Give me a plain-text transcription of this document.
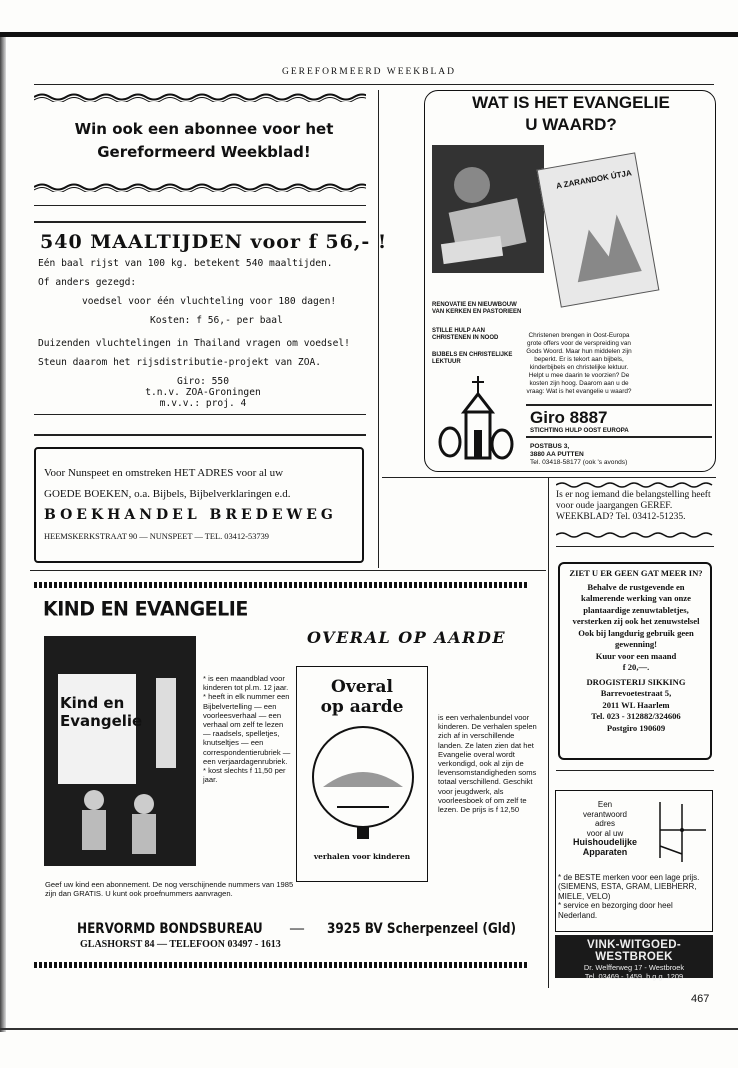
GEREFORMEERD WEEKBLAD
Win ook een abonnee voor het
Gereformeerd Weekblad!
540 MAALTIJDEN voor f 56,- !
Eén baal rijst van 100 kg. betekent 540 maaltijden.
Of anders gezegd:
voedsel voor één vluchteling voor 180 dagen!
Kosten: f 56,- per baal
Duizenden vluchtelingen in Thailand vragen om voedsel!
Steun daarom het rijsdistributie-projekt van ZOA.
Giro: 550
t.n.v. ZOA-Groningen
m.v.v.: proj. 4
Voor Nunspeet en omstreken HET ADRES voor al uw
GOEDE BOEKEN, o.a. Bijbels, Bijbelverklaringen e.d.
BOEKHANDEL BREDEWEG
HEEMSKERKSTRAAT 90 — NUNSPEET — TEL. 03412-53739
WAT IS HET EVANGELIE
U WAARD?
A ZARANDOK ÚTJA
RENOVATIE EN NIEUWBOUW VAN KERKEN EN PASTORIEEN
STILLE HULP AAN CHRISTENEN IN NOOD
BIJBELS EN CHRISTELIJKE LEKTUUR
Christenen brengen in Oost-Europa grote offers voor de verspreiding van Gods Woord. Maar hun middelen zijn beperkt. Er is tekort aan bijbels, kinderbijbels en christelijke lektuur. Helpt u mee daarin te voorzien? De kosten zijn hoog. Daarom aan u de vraag: Wat is het evangelie u waard?
Giro 8887
STICHTING HULP OOST EUROPA
POSTBUS 3,
3880 AA PUTTEN
Tel. 03418-58177 (ook 's avonds)
Is er nog iemand die belangstelling heeft voor oude jaargangen GEREF. WEEKBLAD? Tel. 03412-51235.
ZIET U ER GEEN GAT MEER IN?
Behalve de rustgevende en kalmerende werking van onze plantaardige zenuwtabletjes, versterken zij ook het zenuwstelsel
Ook bij langdurig gebruik geen gewenning!
Kuur voor een maand
f 20,—.
DROGISTERIJ SIKKING
Barrevoetestraat 5,
2011 WL Haarlem
Tel. 023 - 312882/324606
Postgiro 190609
Een
verantwoord
adres
voor al uw
Huishoudelijke
Apparaten
* de BESTE merken voor een lage prijs. (SIEMENS, ESTA, GRAM, LIEBHERR, MIELE, VELO)
* service en bezorging door heel Nederland.
VINK-WITGOED-WESTBROEK
Dr. Welfferweg 17 - Westbroek
Tel. 03469 - 1459, b.g.g. 1209
KIND EN EVANGELIE
OVERAL OP AARDE
Kind en
Evangelie
* is een maandblad voor kinderen tot pl.m. 12 jaar. * heeft in elk nummer een Bijbelvertelling — een voorleesverhaal — een verhaal om zelf te lezen — raadsels, spelletjes, knutseltjes — een correspondentierubriek — een verjaardagenrubriek. * kost slechts f 11,50 per jaar.
Overal
op aarde
verhalen voor kinderen
is een verhalenbundel voor kinderen. De verhalen spelen zich af in verschillende landen. Ze laten zien dat het Evangelie overal wordt verkondigd, ook al zijn de levensomstandigheden soms totaal verschillend. Geschikt voor jeugdwerk, als voorleesboek of om zelf te lezen. De prijs is f 12,50
Geef uw kind een abonnement. De nog verschijnende nummers van 1985 zijn dan GRATIS. U kunt ook proefnummers aanvragen.
HERVORMD BONDSBUREAU — 3925 BV Scherpenzeel (Gld)
GLASHORST 84 — TELEFOON 03497 - 1613
467
